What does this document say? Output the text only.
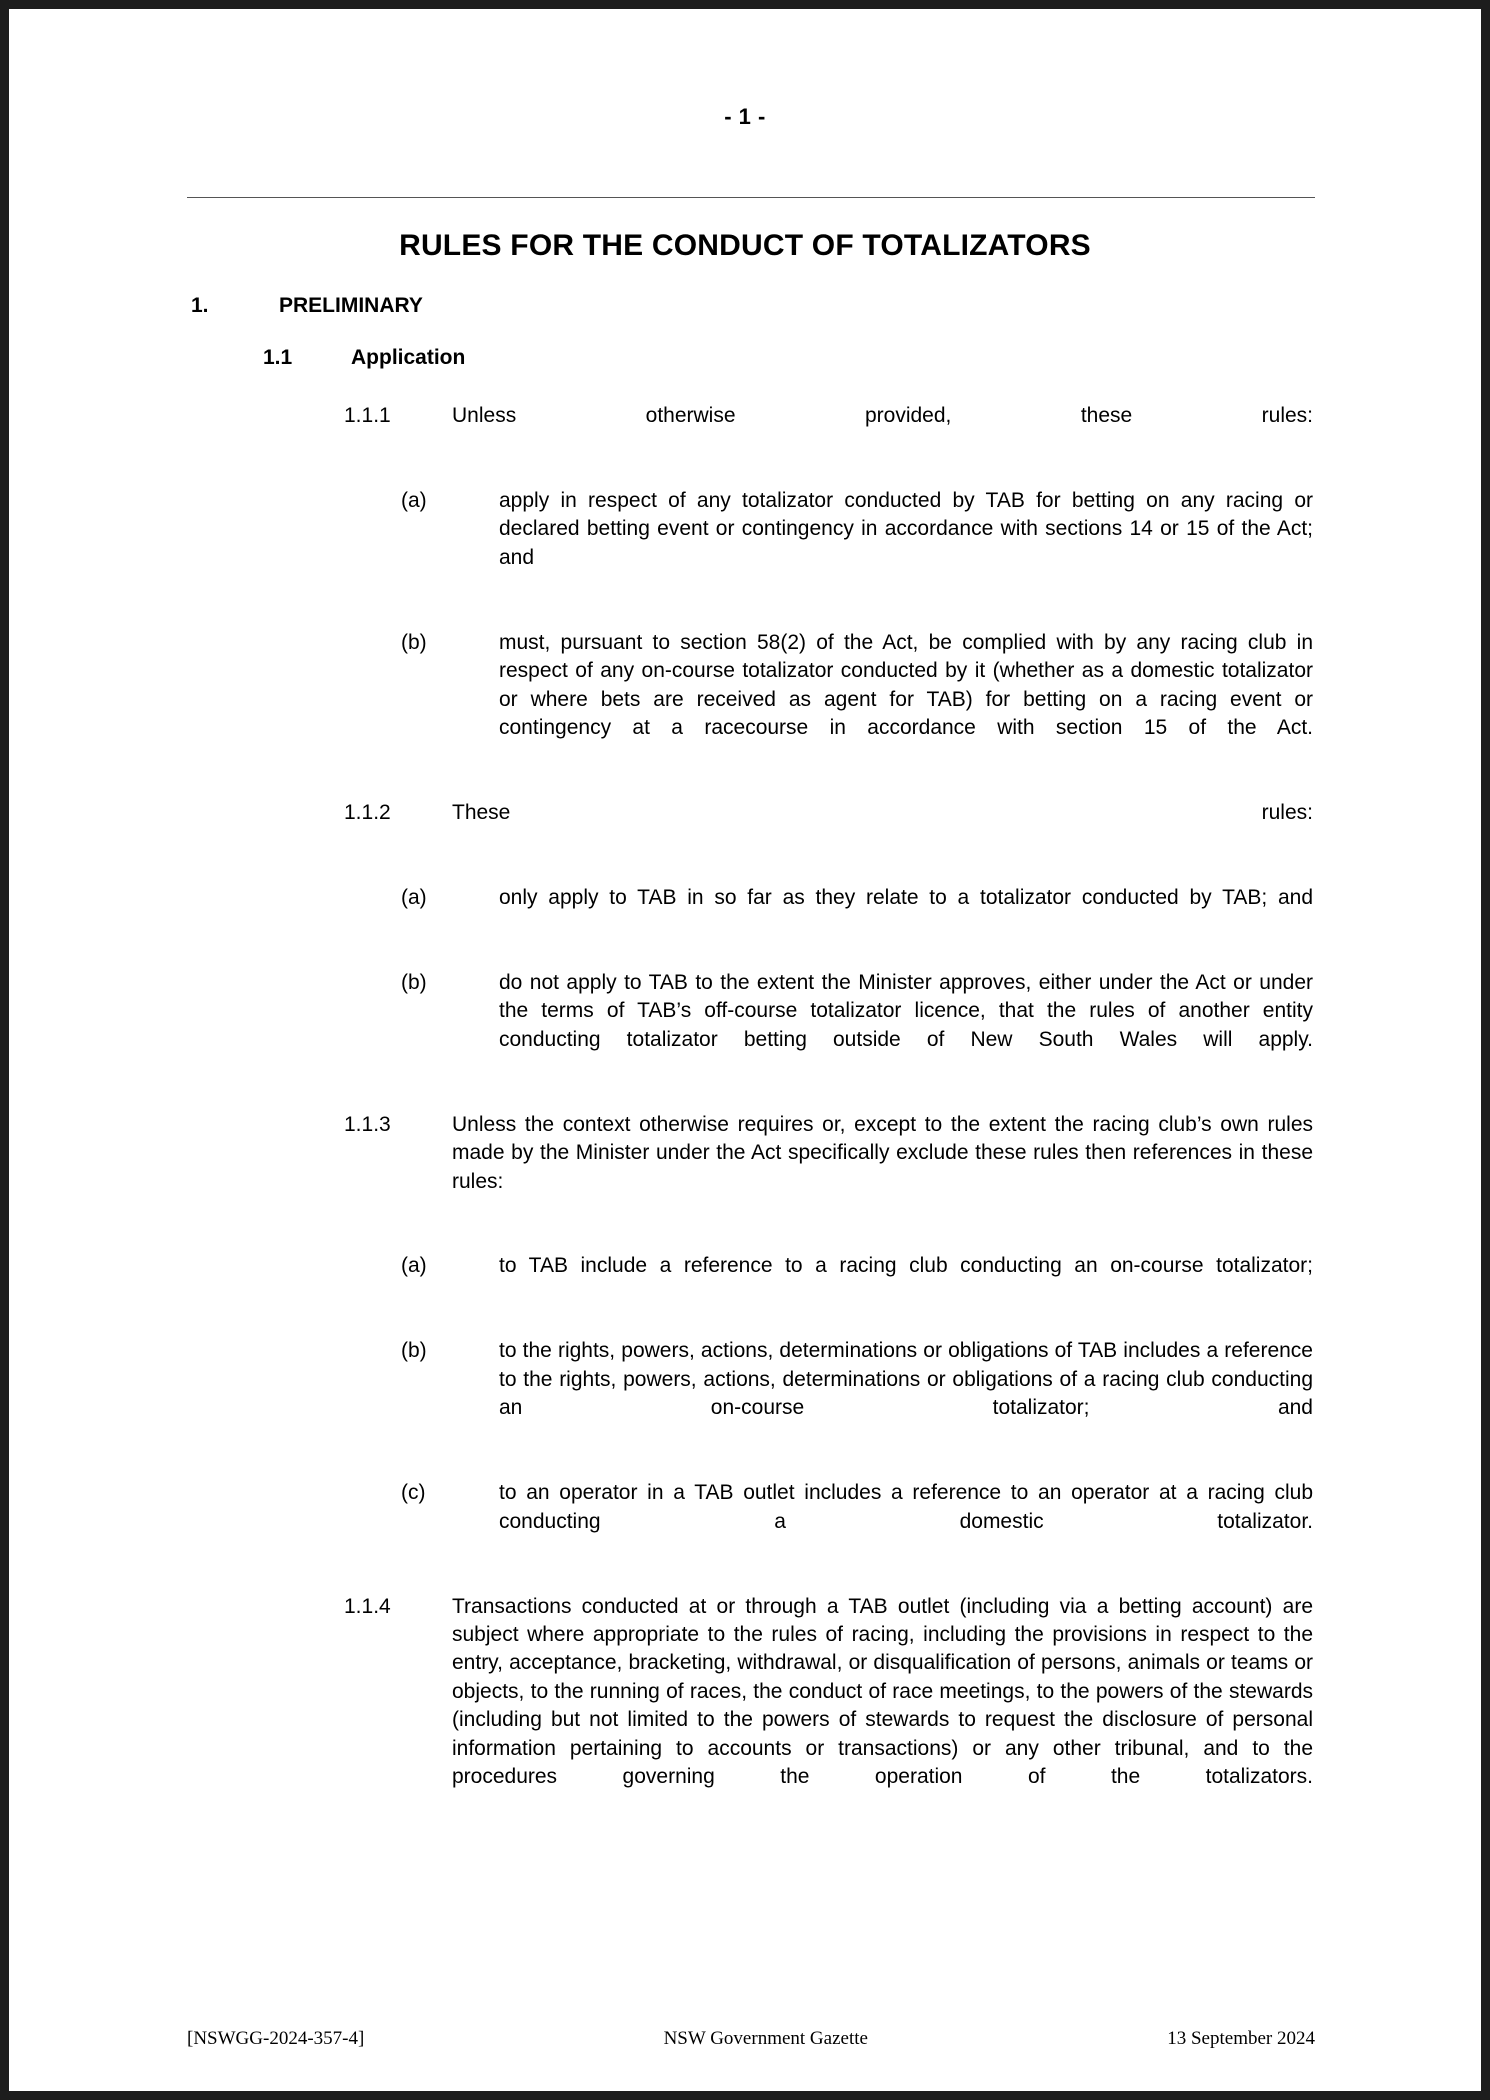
- 1 -
RULES FOR THE CONDUCT OF TOTALIZATORS
1.	PRELIMINARY
1.1	Application
1.1.1	Unless otherwise provided, these rules:
(a)	apply in respect of any totalizator conducted by TAB for betting on any racing or declared betting event or contingency in accordance with sections 14 or 15 of the Act; and
(b)	must, pursuant to section 58(2) of the Act, be complied with by any racing club in respect of any on-course totalizator conducted by it (whether as a domestic totalizator or where bets are received as agent for TAB) for betting on a racing event or contingency at a racecourse in accordance with section 15 of the Act.
1.1.2	These rules:
(a)	only apply to TAB in so far as they relate to a totalizator conducted by TAB; and
(b)	do not apply to TAB to the extent the Minister approves, either under the Act or under the terms of TAB’s off-course totalizator licence, that the rules of another entity conducting totalizator betting outside of New South Wales will apply.
1.1.3	Unless the context otherwise requires or, except to the extent the racing club’s own rules made by the Minister under the Act specifically exclude these rules then references in these rules:
(a)	to TAB include a reference to a racing club conducting an on-course totalizator;
(b)	to the rights, powers, actions, determinations or obligations of TAB includes a reference to the rights, powers, actions, determinations or obligations of a racing club conducting an on-course totalizator; and
(c)	to an operator in a TAB outlet includes a reference to an operator at a racing club conducting a domestic totalizator.
1.1.4	Transactions conducted at or through a TAB outlet (including via a betting account) are subject where appropriate to the rules of racing, including the provisions in respect to the entry, acceptance, bracketing, withdrawal, or disqualification of persons, animals or teams or objects, to the running of races, the conduct of race meetings, to the powers of the stewards (including but not limited to the powers of stewards to request the disclosure of personal information pertaining to accounts or transactions) or any other tribunal, and to the procedures governing the operation of the totalizators.
[NSWGG-2024-357-4]	NSW Government Gazette	13 September 2024
